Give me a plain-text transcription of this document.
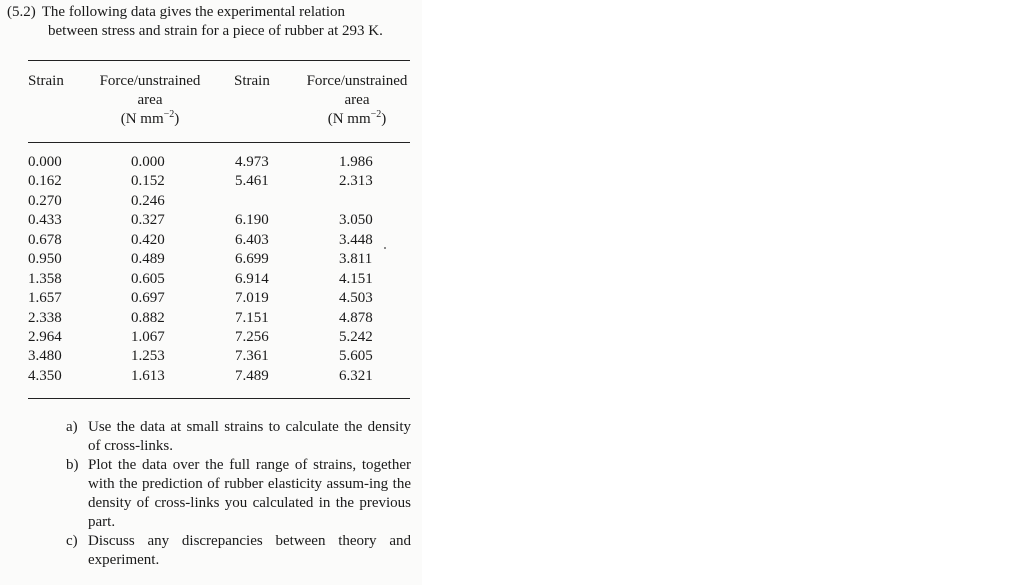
(5.2) The following data gives the experimental relation
between stress and strain for a piece of rubber at 293 K.
Strain	Force/unstrained
area
(N $mm^{-2}$)
Strain	Force/unstrained
area
(N $mm^{-2}$)
0.000
0.162
0.270
0.433
0.678
0.950
1.358
1.657
2.338
2.964
3.480
4.350
0.000
0.152
0.246
0.327
0.420
0.489
0.605
0.697
0.882
1.067
1.253
1.613
4.973
5.461
6.190
6.403
6.699
6.914
7.019
7.151
7.256
7.361
7.489
1.986
2.313
3.050
3.448
3.811
4.151
4.503
4.878
5.242
5.605
6.321
a) Use the data at small strains to calculate the density of cross-links.
b) Plot the data over the full range of strains, together with the prediction of rubber elasticity assum-ing the density of cross-links you calculated in the previous part.
c) Discuss any discrepancies between theory and experiment.
